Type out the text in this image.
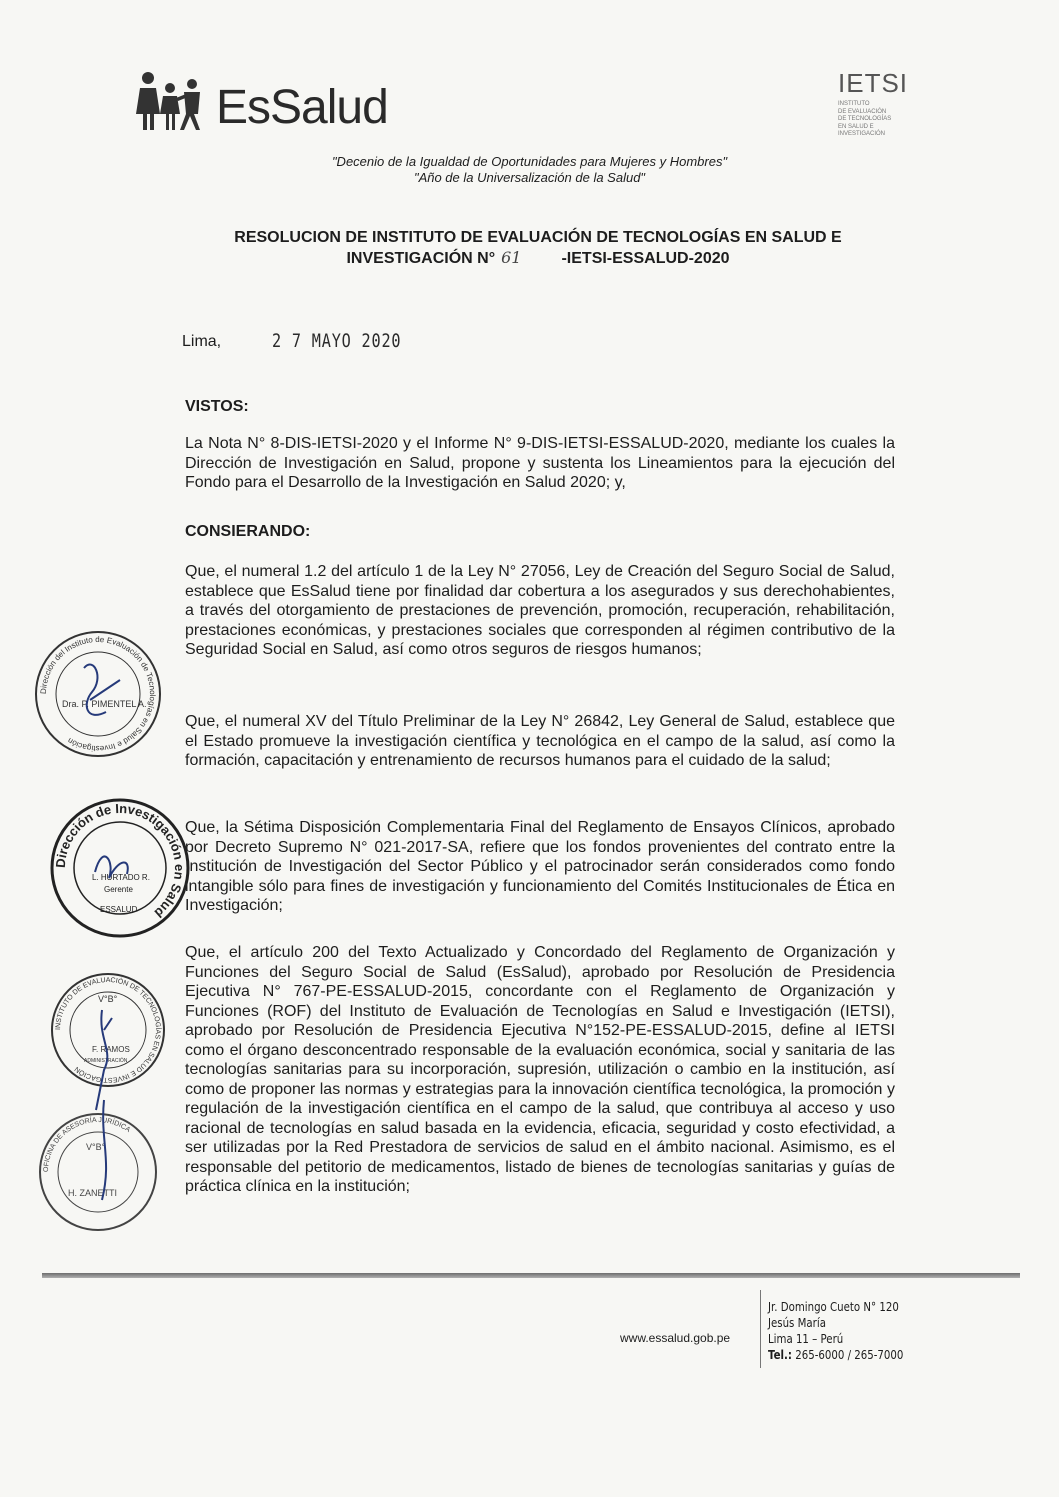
EsSalud	IETSI
INSTITUTO
DE EVALUACIÓN
DE TECNOLOGÍAS
EN SALUD E
INVESTIGACIÓN
"Decenio de la Igualdad de Oportunidades para Mujeres y Hombres"
"Año de la Universalización de la Salud"
RESOLUCION DE INSTITUTO DE EVALUACIÓN DE TECNOLOGÍAS EN SALUD E
INVESTIGACIÓN N° 61	-IETSI-ESSALUD-2020
Lima,	2 7 MAYO 2020
VISTOS:
La Nota N° 8-DIS-IETSI-2020 y el Informe N° 9-DIS-IETSI-ESSALUD-2020, mediante los cuales la Dirección de Investigación en Salud, propone y sustenta los Lineamientos para la ejecución del Fondo para el Desarrollo de la Investigación en Salud 2020; y,
CONSIERANDO:
Que, el numeral 1.2 del artículo 1 de la Ley N° 27056, Ley de Creación del Seguro Social de Salud, establece que EsSalud tiene por finalidad dar cobertura a los asegurados y sus derechohabientes, a través del otorgamiento de prestaciones de prevención, promoción, recuperación, rehabilitación, prestaciones económicas, y prestaciones sociales que corresponden al régimen contributivo de la Seguridad Social en Salud, así como otros seguros de riesgos humanos;
Que, el numeral XV del Título Preliminar de la Ley N° 26842, Ley General de Salud, establece que el Estado promueve la investigación científica y tecnológica en el campo de la salud, así como la formación, capacitación y entrenamiento de recursos humanos para el cuidado de la salud;
Que, la Sétima Disposición Complementaria Final del Reglamento de Ensayos Clínicos, aprobado por Decreto Supremo N° 021-2017-SA, refiere que los fondos provenientes del contrato entre la Institución de Investigación del Sector Público y el patrocinador serán considerados como fondo intangible sólo para fines de investigación y funcionamiento del Comités Institucionales de Ética en Investigación;
Que, el artículo 200 del Texto Actualizado y Concordado del Reglamento de Organización y Funciones del Seguro Social de Salud (EsSalud), aprobado por Resolución de Presidencia Ejecutiva N° 767-PE-ESSALUD-2015, concordante con el Reglamento de Organización y Funciones (ROF) del Instituto de Evaluación de Tecnologías en Salud e Investigación (IETSI), aprobado por Resolución de Presidencia Ejecutiva N°152-PE-ESSALUD-2015, define al IETSI como el órgano desconcentrado responsable de la evaluación económica, social y sanitaria de las tecnologías sanitarias para su incorporación, supresión, utilización o cambio en la institución, así como de proponer las normas y estrategias para la innovación científica tecnológica, la promoción y regulación de la investigación científica en el campo de la salud, que contribuya al acceso y uso racional de tecnologías en salud basada en la evidencia, eficacia, seguridad y costo efectividad, a ser utilizadas por la Red Prestadora de servicios de salud en el ámbito nacional. Asimismo, es el responsable del petitorio de medicamentos, listado de bienes de tecnologías sanitarias y guías de práctica clínica en la institución;
Dirección del Instituto de Evaluación de Tecnologías en Salud e Investigación
Dra. P. PIMENTEL A.
Dirección de Investigación en Salud
L. HURTADO R.
Gerente
ESSALUD
INSTITUTO DE EVALUACIÓN DE TECNOLOGÍAS EN SALUD E INVESTIGACIÓN
V°B°
F. RAMOS
ADMINISTRACIÓN
OFICINA DE ASESORÍA JURÍDICA
V°B°
H. ZANETTI
www.essalud.gob.pe
Jr. Domingo Cueto N° 120
Jesús María
Lima 11 – Perú
Tel.: 265-6000 / 265-7000
